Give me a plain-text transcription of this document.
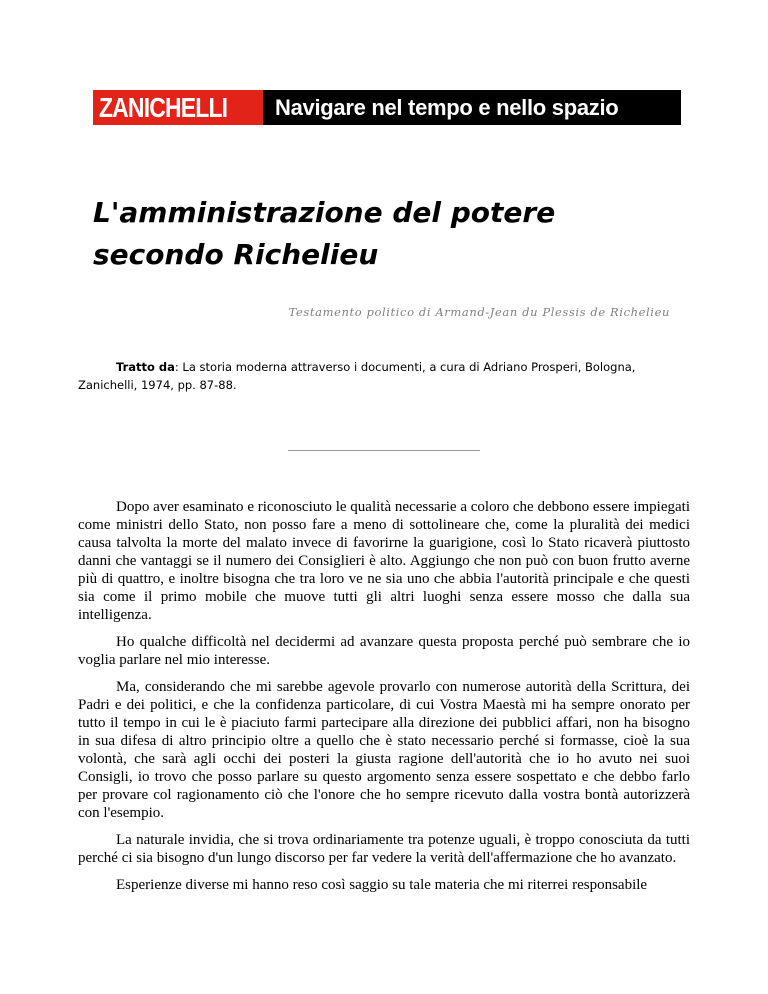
ZANICHELLI Navigare nel tempo e nello spazio
L'amministrazione del potere
secondo Richelieu
Testamento politico di Armand-Jean du Plessis de Richelieu
Tratto da: La storia moderna attraverso i documenti, a cura di Adriano Prosperi, Bologna, Zanichelli, 1974, pp. 87-88.

Dopo aver esaminato e riconosciuto le qualità necessarie a coloro che debbono essere impiegati come ministri dello Stato, non posso fare a meno di sottolineare che, come la pluralità dei medici causa talvolta la morte del malato invece di favorirne la guarigione, così lo Stato ricaverà piuttosto danni che vantaggi se il numero dei Consiglieri è alto. Aggiungo che non può con buon frutto averne più di quattro, e inoltre bisogna che tra loro ve ne sia uno che abbia l'autorità principale e che questi sia come il primo mobile che muove tutti gli altri luoghi senza essere mosso che dalla sua intelligenza.

Ho qualche difficoltà nel decidermi ad avanzare questa proposta perché può sembrare che io voglia parlare nel mio interesse.

Ma, considerando che mi sarebbe agevole provarlo con numerose autorità della Scrittura, dei Padri e dei politici, e che la confidenza particolare, di cui Vostra Maestà mi ha sempre onorato per tutto il tempo in cui le è piaciuto farmi partecipare alla direzione dei pubblici affari, non ha bisogno in sua difesa di altro principio oltre a quello che è stato necessario perché si formasse, cioè la sua volontà, che sarà agli occhi dei posteri la giusta ragione dell'autorità che io ho avuto nei suoi Consigli, io trovo che posso parlare su questo argomento senza essere sospettato e che debbo farlo per provare col ragionamento ciò che l'onore che ho sempre ricevuto dalla vostra bontà autorizzerà con l'esempio.

La naturale invidia, che si trova ordinariamente tra potenze uguali, è troppo conosciuta da tutti perché ci sia bisogno d'un lungo discorso per far vedere la verità dell'affermazione che ho avanzato.

Esperienze diverse mi hanno reso così saggio su tale materia che mi riterrei responsabile
